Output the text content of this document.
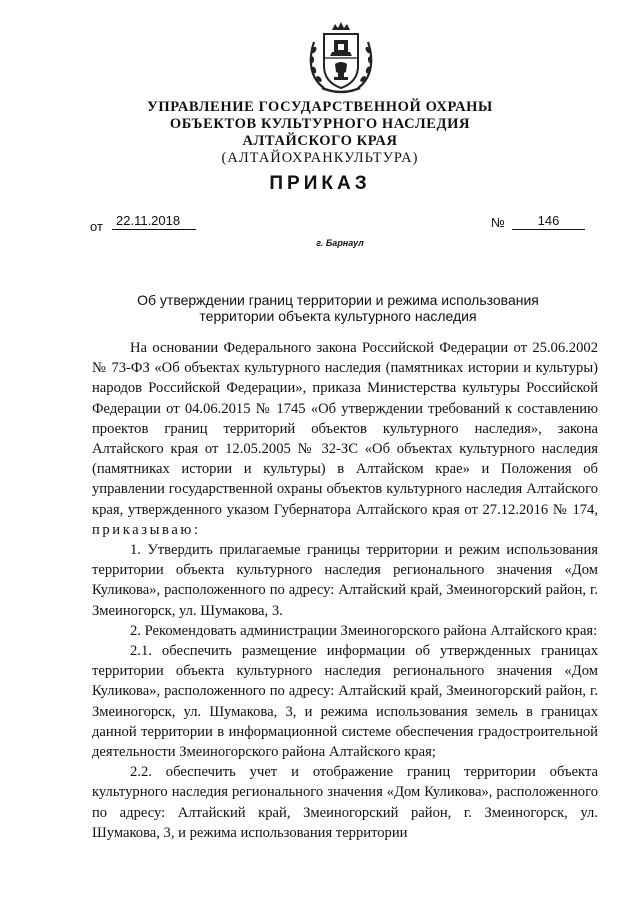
УПРАВЛЕНИЕ ГОСУДАРСТВЕННОЙ ОХРАНЫ
ОБЪЕКТОВ КУЛЬТУРНОГО НАСЛЕДИЯ
АЛТАЙСКОГО КРАЯ
(АЛТАЙОХРАНКУЛЬТУРА)
ПРИКАЗ
от	22.11.2018	№	146
г. Барнаул
Об утверждении границ территории и режима использования
территории объекта культурного наследия

На основании Федерального закона Российской Федерации от 25.06.2002 № 73-ФЗ «Об объектах культурного наследия (памятниках истории и культуры) народов Российской Федерации», приказа Министерства культуры Российской Федерации от 04.06.2015 № 1745 «Об утверждении требований к составлению проектов границ территорий объектов культурного наследия», закона Алтайского края от 12.05.2005 № 32-ЗС «Об объектах культурного наследия (памятниках истории и культуры) в Алтайском крае» и Положения об управлении государственной охраны объектов культурного наследия Алтайского края, утвержденного указом Губернатора Алтайского края от 27.12.2016 № 174, приказываю:

1. Утвердить прилагаемые границы территории и режим использования территории объекта культурного наследия регионального значения «Дом Куликова», расположенного по адресу: Алтайский край, Змеиногорский район, г. Змеиногорск, ул. Шумакова, 3.

2. Рекомендовать администрации Змеиногорского района Алтайского края:

2.1. обеспечить размещение информации об утвержденных границах территории объекта культурного наследия регионального значения «Дом Куликова», расположенного по адресу: Алтайский край, Змеиногорский район, г. Змеиногорск, ул. Шумакова, 3, и режима использования земель в границах данной территории в информационной системе обеспечения градостроительной деятельности Змеиногорского района Алтайского края;

2.2. обеспечить учет и отображение границ территории объекта культурного наследия регионального значения «Дом Куликова», расположенного по адресу: Алтайский край, Змеиногорский район, г. Змеиногорск, ул. Шумакова, 3, и режима использования территории
